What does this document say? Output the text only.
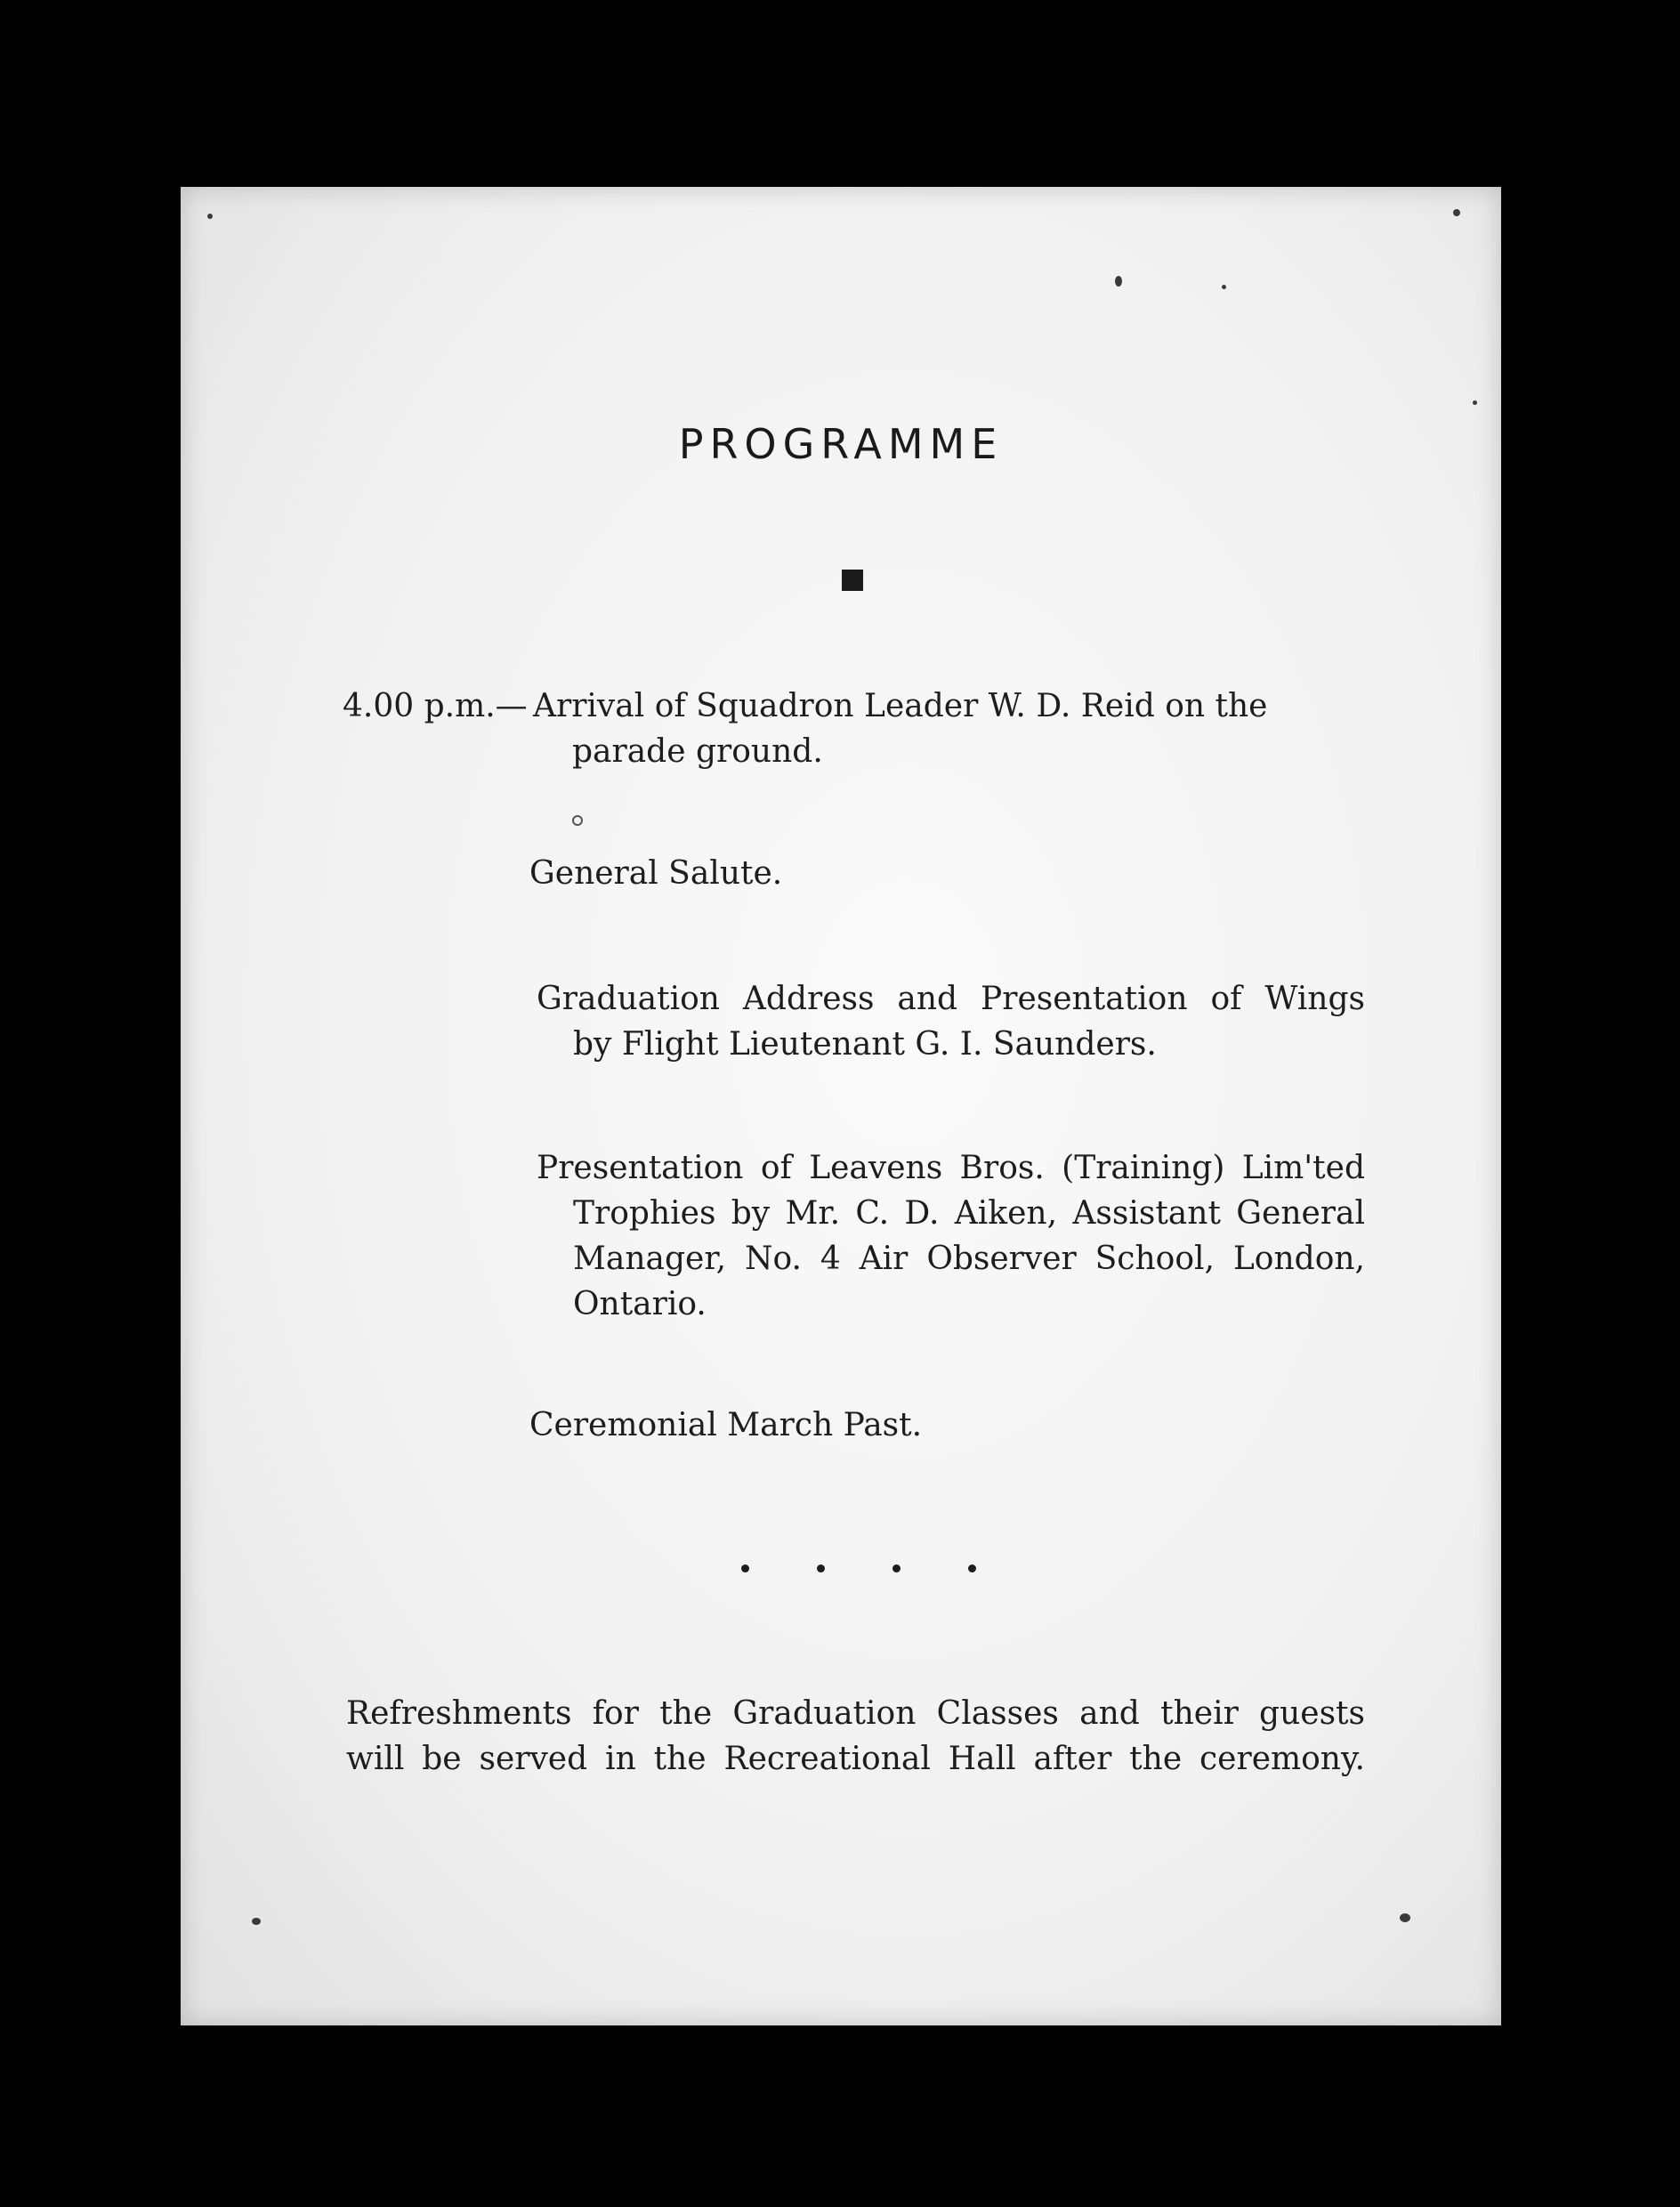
PROGRAMME
4.00 p.m.— Arrival of Squadron Leader W. D. Reid on the
parade ground.
General Salute.
Graduation Address and Presentation of Wings
by Flight Lieutenant G. I. Saunders.
Presentation of Leavens Bros. (Training) Lim'ted
Trophies by Mr. C. D. Aiken, Assistant General
Manager, No. 4 Air Observer School, London,
Ontario.
Ceremonial March Past.
Refreshments for the Graduation Classes and their guests
will be served in the Recreational Hall after the ceremony.
